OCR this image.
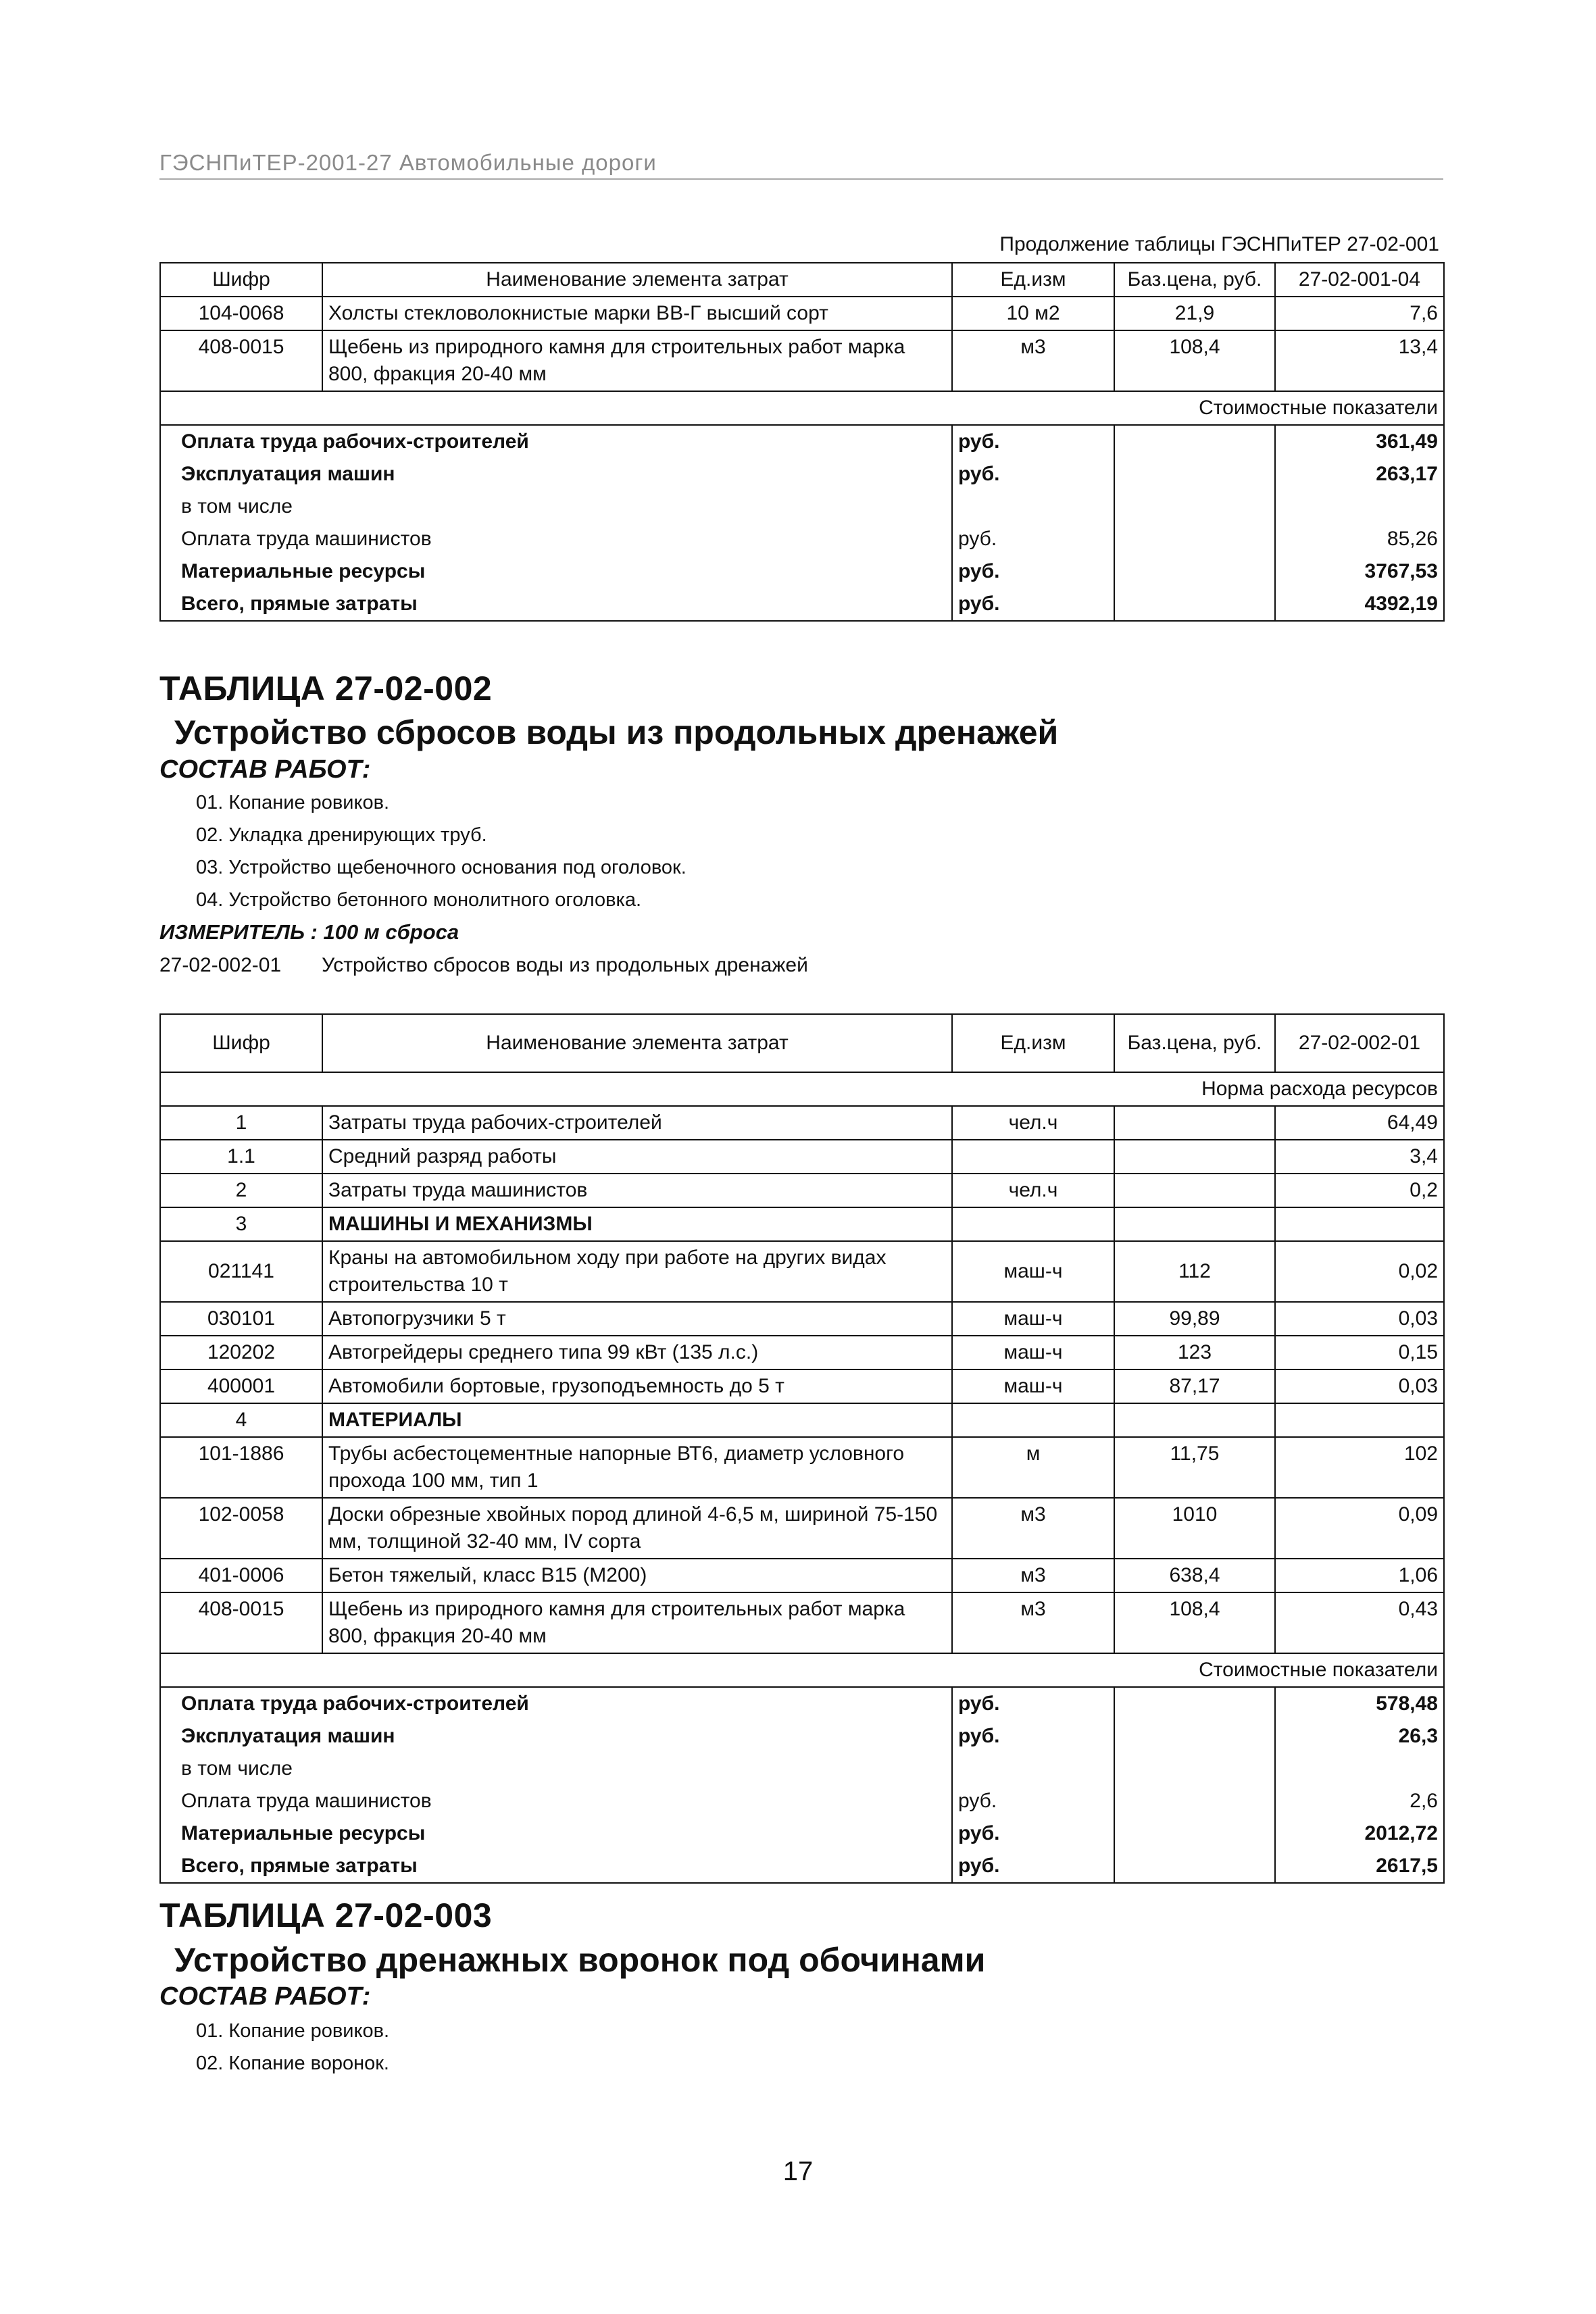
ГЭСНПиТЕР-2001-27 Автомобильные дороги
Продолжение таблицы ГЭСНПиТЕР 27-02-001
Шифр	Наименование элемента затрат	Ед.изм	Баз.цена, руб.	27-02-001-04
104-0068	Холсты стекловолокнистые марки ВВ-Г высший сорт	10 м2	21,9	7,6
408-0015	Щебень из природного камня для строительных работ марка 800, фракция 20-40 мм	м3	108,4	13,4
Стоимостные показатели				
Оплата труда рабочих-строителей		руб.		361,49
Эксплуатация машин		руб.		263,17
в том числе				
Оплата труда машинистов		руб.		85,26
Материальные ресурсы		руб.		3767,53
Всего, прямые затраты		руб.		4392,19
ТАБЛИЦА 27-02-002
Устройство сбросов воды из продольных дренажей
СОСТАВ РАБОТ:
01. Копание ровиков.
02. Укладка дренирующих труб.
03. Устройство щебеночного основания под оголовок.
04. Устройство бетонного монолитного оголовка.
ИЗМЕРИТЕЛЬ : 100 м сброса
27-02-002-01 Устройство сбросов воды из продольных дренажей
Шифр	Наименование элемента затрат	Ед.изм	Баз.цена, руб.	27-02-002-01
Норма расхода ресурсов				
1	Затраты труда рабочих-строителей	чел.ч		64,49
1.1	Средний разряд работы			3,4
2	Затраты труда машинистов	чел.ч		0,2
3	МАШИНЫ И МЕХАНИЗМЫ			
021141	Краны на автомобильном ходу при работе на других видах строительства 10 т	маш-ч	112	0,02
030101	Автопогрузчики 5 т	маш-ч	99,89	0,03
120202	Автогрейдеры среднего типа 99 кВт (135 л.с.)	маш-ч	123	0,15
400001	Автомобили бортовые, грузоподъемность до 5 т	маш-ч	87,17	0,03
4	МАТЕРИАЛЫ			
101-1886	Трубы асбестоцементные напорные ВТ6, диаметр условного прохода 100 мм, тип 1	м	11,75	102
102-0058	Доски обрезные хвойных пород длиной 4-6,5 м, шириной 75-150 мм, толщиной 32-40 мм, IV сорта	м3	1010	0,09
401-0006	Бетон тяжелый, класс В15 (М200)	м3	638,4	1,06
408-0015	Щебень из природного камня для строительных работ марка 800, фракция 20-40 мм	м3	108,4	0,43
Стоимостные показатели				
Оплата труда рабочих-строителей		руб.		578,48
Эксплуатация машин		руб.		26,3
в том числе				
Оплата труда машинистов		руб.		2,6
Материальные ресурсы		руб.		2012,72
Всего, прямые затраты		руб.		2617,5
ТАБЛИЦА 27-02-003
Устройство дренажных воронок под обочинами
СОСТАВ РАБОТ:
01. Копание ровиков.
02. Копание воронок.
17
